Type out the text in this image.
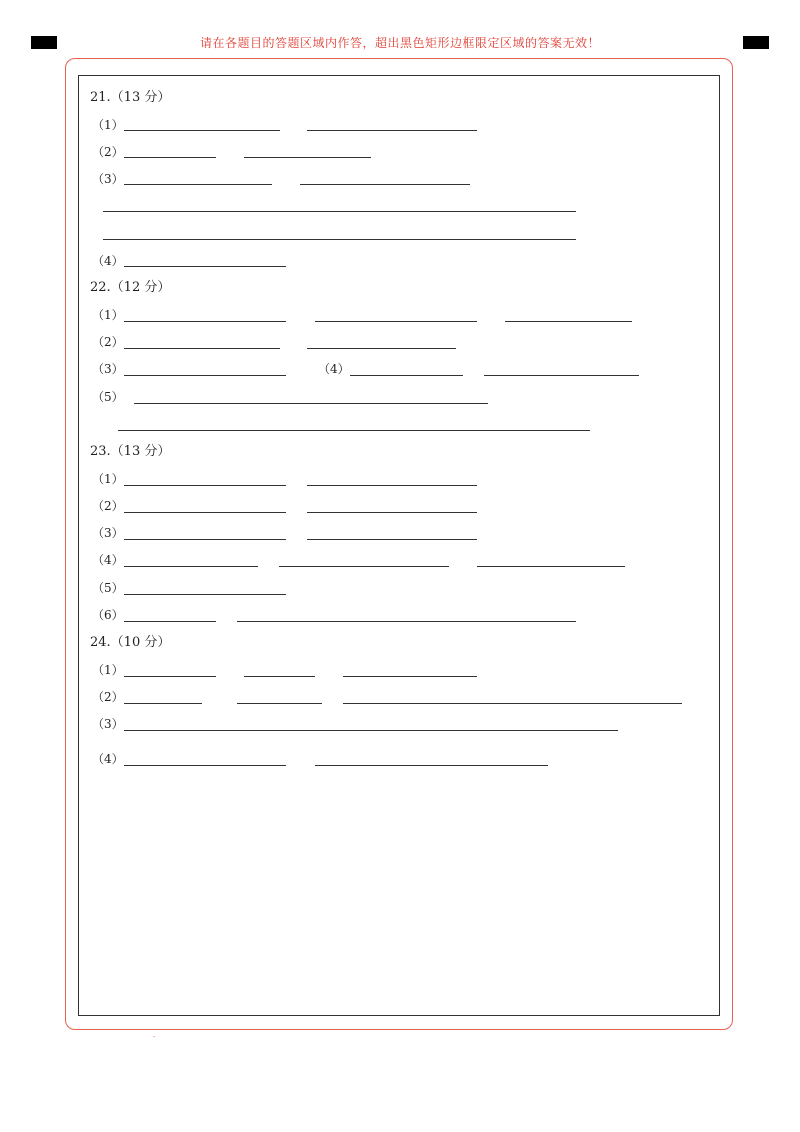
请在各题目的答题区域内作答，超出黑色矩形边框限定区域的答案无效！
21.（13 分）
（1）
（2）
（3）
（4）
22.（12 分）
（1）
（2）
（3）	（4）
（5）
23.（13 分）
（1）
（2）
（3）
（4）
（5）
（6）
24.（10 分）
（1）
（2）
（3）
（4）
